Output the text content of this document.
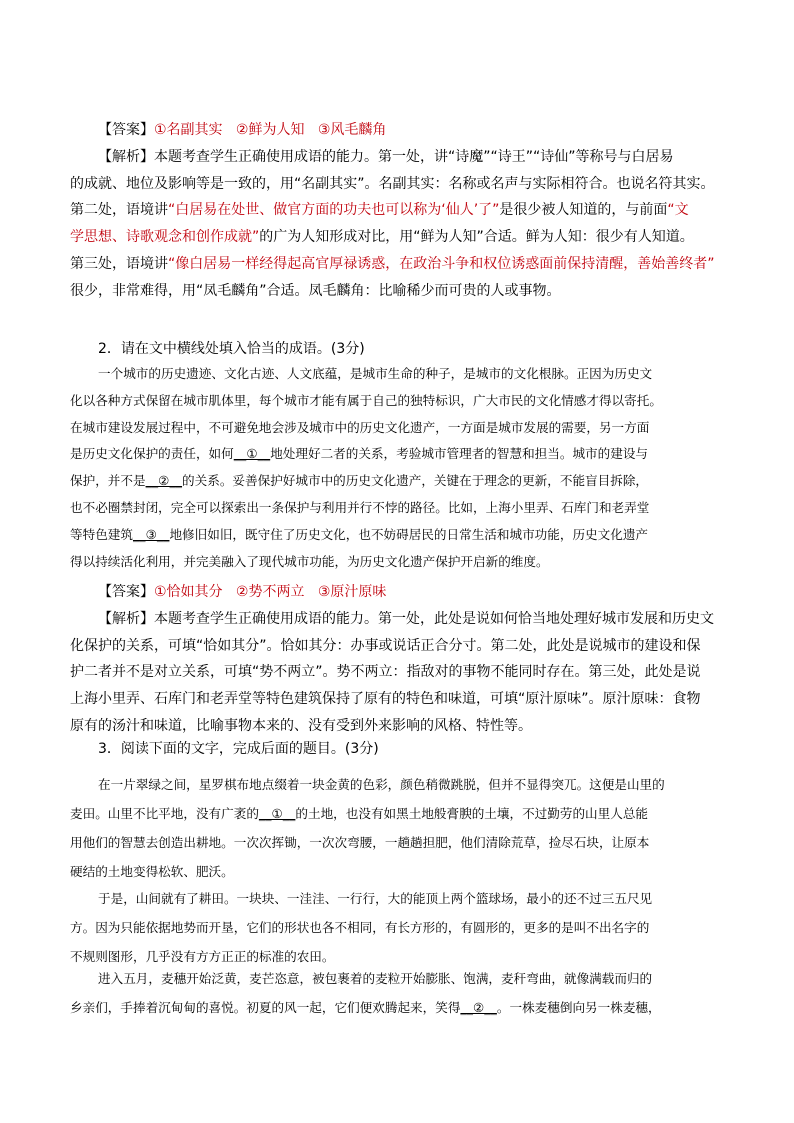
【答案】①名副其实 ②鲜为人知 ③风毛麟角

【解析】本题考查学生正确使用成语的能力。第一处，讲“诗魔”“诗王”“诗仙”等称号与白居易

的成就、地位及影响等是一致的，用“名副其实”。名副其实：名称或名声与实际相符合。也说名符其实。

第二处，语境讲“白居易在处世、做官方面的功夫也可以称为‘仙人’了”是很少被人知道的，与前面“文

学思想、诗歌观念和创作成就”的广为人知形成对比，用“鲜为人知”合适。鲜为人知：很少有人知道。

第三处，语境讲“像白居易一样经得起高官厚禄诱惑，在政治斗争和权位诱惑面前保持清醒，善始善终者”

很少，非常难得，用“凤毛麟角”合适。凤毛麟角：比喻稀少而可贵的人或事物。

2．请在文中横线处填入恰当的成语。(3分)

一个城市的历史遗迹、文化古迹、人文底蕴，是城市生命的种子，是城市的文化根脉。正因为历史文

化以各种方式保留在城市肌体里，每个城市才能有属于自己的独特标识，广大市民的文化情感才得以寄托。

在城市建设发展过程中，不可避免地会涉及城市中的历史文化遗产，一方面是城市发展的需要，另一方面

是历史文化保护的责任，如何__①__地处理好二者的关系，考验城市管理者的智慧和担当。城市的建设与

保护，并不是__②__的关系。妥善保护好城市中的历史文化遗产，关键在于理念的更新，不能盲目拆除，

也不必圈禁封闭，完全可以探索出一条保护与利用并行不悖的路径。比如，上海小里弄、石库门和老弄堂

等特色建筑__③__地修旧如旧，既守住了历史文化，也不妨碍居民的日常生活和城市功能，历史文化遗产

得以持续活化利用，并完美融入了现代城市功能，为历史文化遗产保护开启新的维度。

【答案】①恰如其分 ②势不两立 ③原汁原味

【解析】本题考查学生正确使用成语的能力。第一处，此处是说如何恰当地处理好城市发展和历史文

化保护的关系，可填“恰如其分”。恰如其分：办事或说话正合分寸。第二处，此处是说城市的建设和保

护二者并不是对立关系，可填“势不两立”。势不两立：指敌对的事物不能同时存在。第三处，此处是说

上海小里弄、石库门和老弄堂等特色建筑保持了原有的特色和味道，可填“原汁原味”。原汁原味：食物

原有的汤汁和味道，比喻事物本来的、没有受到外来影响的风格、特性等。

3．阅读下面的文字，完成后面的题目。(3分)

在一片翠绿之间，星罗棋布地点缀着一块金黄的色彩，颜色稍微跳脱，但并不显得突兀。这便是山里的

麦田。山里不比平地，没有广袤的__①__的土地，也没有如黑土地般膏腴的土壤，不过勤劳的山里人总能

用他们的智慧去创造出耕地。一次次挥锄，一次次弯腰，一趟趟担肥，他们清除荒草，捡尽石块，让原本

硬结的土地变得松软、肥沃。

于是，山间就有了耕田。一块块、一洼洼、一行行，大的能顶上两个篮球场，最小的还不过三五尺见

方。因为只能依据地势而开垦，它们的形状也各不相同，有长方形的，有圆形的，更多的是叫不出名字的

不规则图形，几乎没有方方正正的标准的农田。

进入五月，麦穗开始泛黄，麦芒恣意，被包裹着的麦粒开始膨胀、饱满，麦秆弯曲，就像满载而归的

乡亲们，手捧着沉甸甸的喜悦。初夏的风一起，它们便欢腾起来，笑得__②__。一株麦穗倒向另一株麦穗，
